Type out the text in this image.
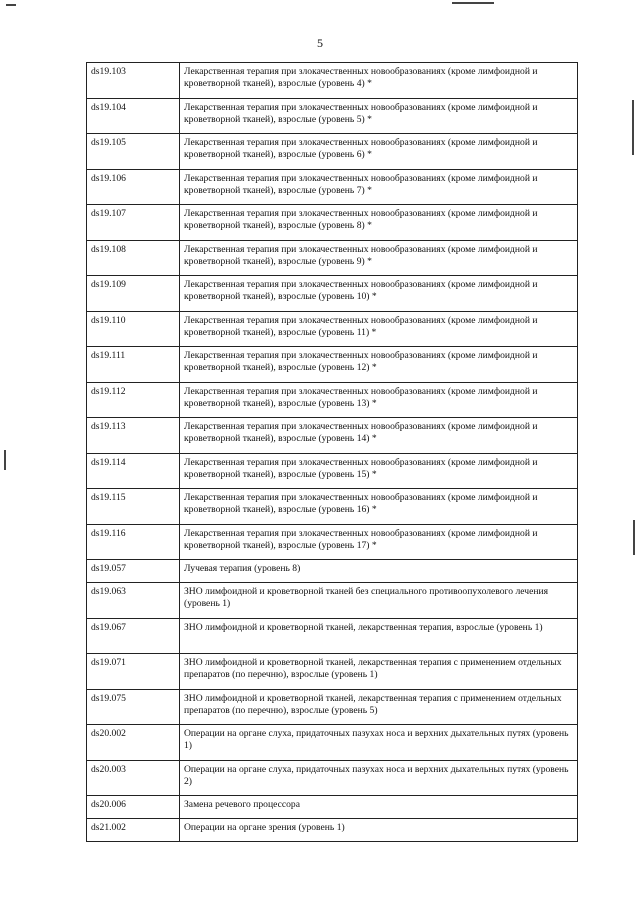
5
ds19.103	Лекарственная терапия при злокачественных новообразованиях (кроме лимфоидной и кроветворной тканей), взрослые (уровень 4) *
ds19.104	Лекарственная терапия при злокачественных новообразованиях (кроме лимфоидной и кроветворной тканей), взрослые (уровень 5) *
ds19.105	Лекарственная терапия при злокачественных новообразованиях (кроме лимфоидной и кроветворной тканей), взрослые (уровень 6) *
ds19.106	Лекарственная терапия при злокачественных новообразованиях (кроме лимфоидной и кроветворной тканей), взрослые (уровень 7) *
ds19.107	Лекарственная терапия при злокачественных новообразованиях (кроме лимфоидной и кроветворной тканей), взрослые (уровень 8) *
ds19.108	Лекарственная терапия при злокачественных новообразованиях (кроме лимфоидной и кроветворной тканей), взрослые (уровень 9) *
ds19.109	Лекарственная терапия при злокачественных новообразованиях (кроме лимфоидной и кроветворной тканей), взрослые (уровень 10) *
ds19.110	Лекарственная терапия при злокачественных новообразованиях (кроме лимфоидной и кроветворной тканей), взрослые (уровень 11) *
ds19.111	Лекарственная терапия при злокачественных новообразованиях (кроме лимфоидной и кроветворной тканей), взрослые (уровень 12) *
ds19.112	Лекарственная терапия при злокачественных новообразованиях (кроме лимфоидной и кроветворной тканей), взрослые (уровень 13) *
ds19.113	Лекарственная терапия при злокачественных новообразованиях (кроме лимфоидной и кроветворной тканей), взрослые (уровень 14) *
ds19.114	Лекарственная терапия при злокачественных новообразованиях (кроме лимфоидной и кроветворной тканей), взрослые (уровень 15) *
ds19.115	Лекарственная терапия при злокачественных новообразованиях (кроме лимфоидной и кроветворной тканей), взрослые (уровень 16) *
ds19.116	Лекарственная терапия при злокачественных новообразованиях (кроме лимфоидной и кроветворной тканей), взрослые (уровень 17) *
ds19.057	Лучевая терапия (уровень 8)
ds19.063	ЗНО лимфоидной и кроветворной тканей без специального противоопухолевого лечения (уровень 1)
ds19.067	ЗНО лимфоидной и кроветворной тканей, лекарственная терапия, взрослые (уровень 1)
ds19.071	ЗНО лимфоидной и кроветворной тканей, лекарственная терапия с применением отдельных препаратов (по перечню), взрослые (уровень 1)
ds19.075	ЗНО лимфоидной и кроветворной тканей, лекарственная терапия с применением отдельных препаратов (по перечню), взрослые (уровень 5)
ds20.002	Операции на органе слуха, придаточных пазухах носа и верхних дыхательных путях (уровень 1)
ds20.003	Операции на органе слуха, придаточных пазухах носа и верхних дыхательных путях (уровень 2)
ds20.006	Замена речевого процессора
ds21.002	Операции на органе зрения (уровень 1)
